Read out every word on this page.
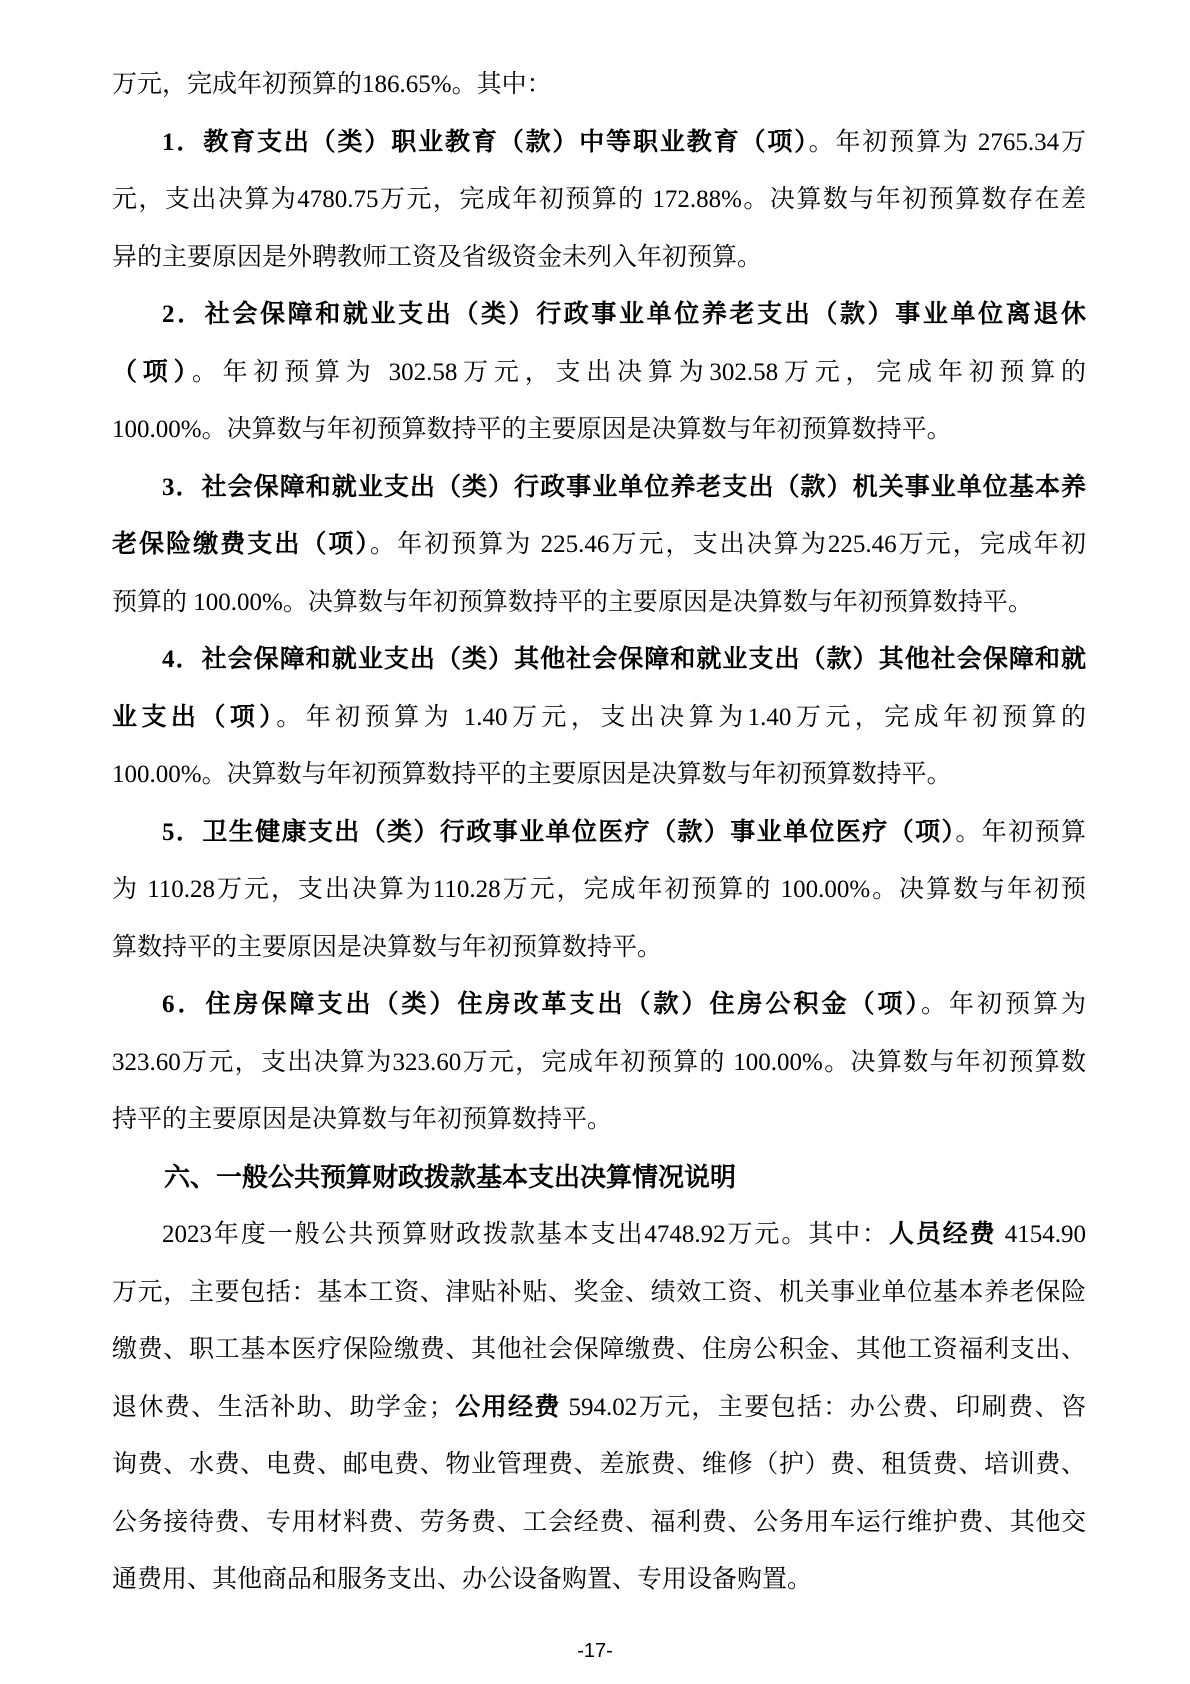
万元，完成年初预算的186.65%。其中：
1．教育支出（类）职业教育（款）中等职业教育（项）。年初预算为 2765.34万
元，支出决算为4780.75万元，完成年初预算的 172.88%。决算数与年初预算数存在差
异的主要原因是外聘教师工资及省级资金未列入年初预算。
2．社会保障和就业支出（类）行政事业单位养老支出（款）事业单位离退休
（项）。年初预算为 302.58万元，支出决算为302.58万元，完成年初预算的
100.00%。决算数与年初预算数持平的主要原因是决算数与年初预算数持平。
3．社会保障和就业支出（类）行政事业单位养老支出（款）机关事业单位基本养
老保险缴费支出（项）。年初预算为 225.46万元，支出决算为225.46万元，完成年初
预算的 100.00%。决算数与年初预算数持平的主要原因是决算数与年初预算数持平。
4．社会保障和就业支出（类）其他社会保障和就业支出（款）其他社会保障和就
业支出（项）。年初预算为 1.40万元，支出决算为1.40万元，完成年初预算的
100.00%。决算数与年初预算数持平的主要原因是决算数与年初预算数持平。
5．卫生健康支出（类）行政事业单位医疗（款）事业单位医疗（项）。年初预算
为 110.28万元，支出决算为110.28万元，完成年初预算的 100.00%。决算数与年初预
算数持平的主要原因是决算数与年初预算数持平。
6．住房保障支出（类）住房改革支出（款）住房公积金（项）。年初预算为
323.60万元，支出决算为323.60万元，完成年初预算的 100.00%。决算数与年初预算数
持平的主要原因是决算数与年初预算数持平。
六、一般公共预算财政拨款基本支出决算情况说明
2023年度一般公共预算财政拨款基本支出4748.92万元。其中：人员经费 4154.90
万元，主要包括：基本工资、津贴补贴、奖金、绩效工资、机关事业单位基本养老保险
缴费、职工基本医疗保险缴费、其他社会保障缴费、住房公积金、其他工资福利支出、
退休费、生活补助、助学金；公用经费 594.02万元，主要包括：办公费、印刷费、咨
询费、水费、电费、邮电费、物业管理费、差旅费、维修（护）费、租赁费、培训费、
公务接待费、专用材料费、劳务费、工会经费、福利费、公务用车运行维护费、其他交
通费用、其他商品和服务支出、办公设备购置、专用设备购置。
-17-
